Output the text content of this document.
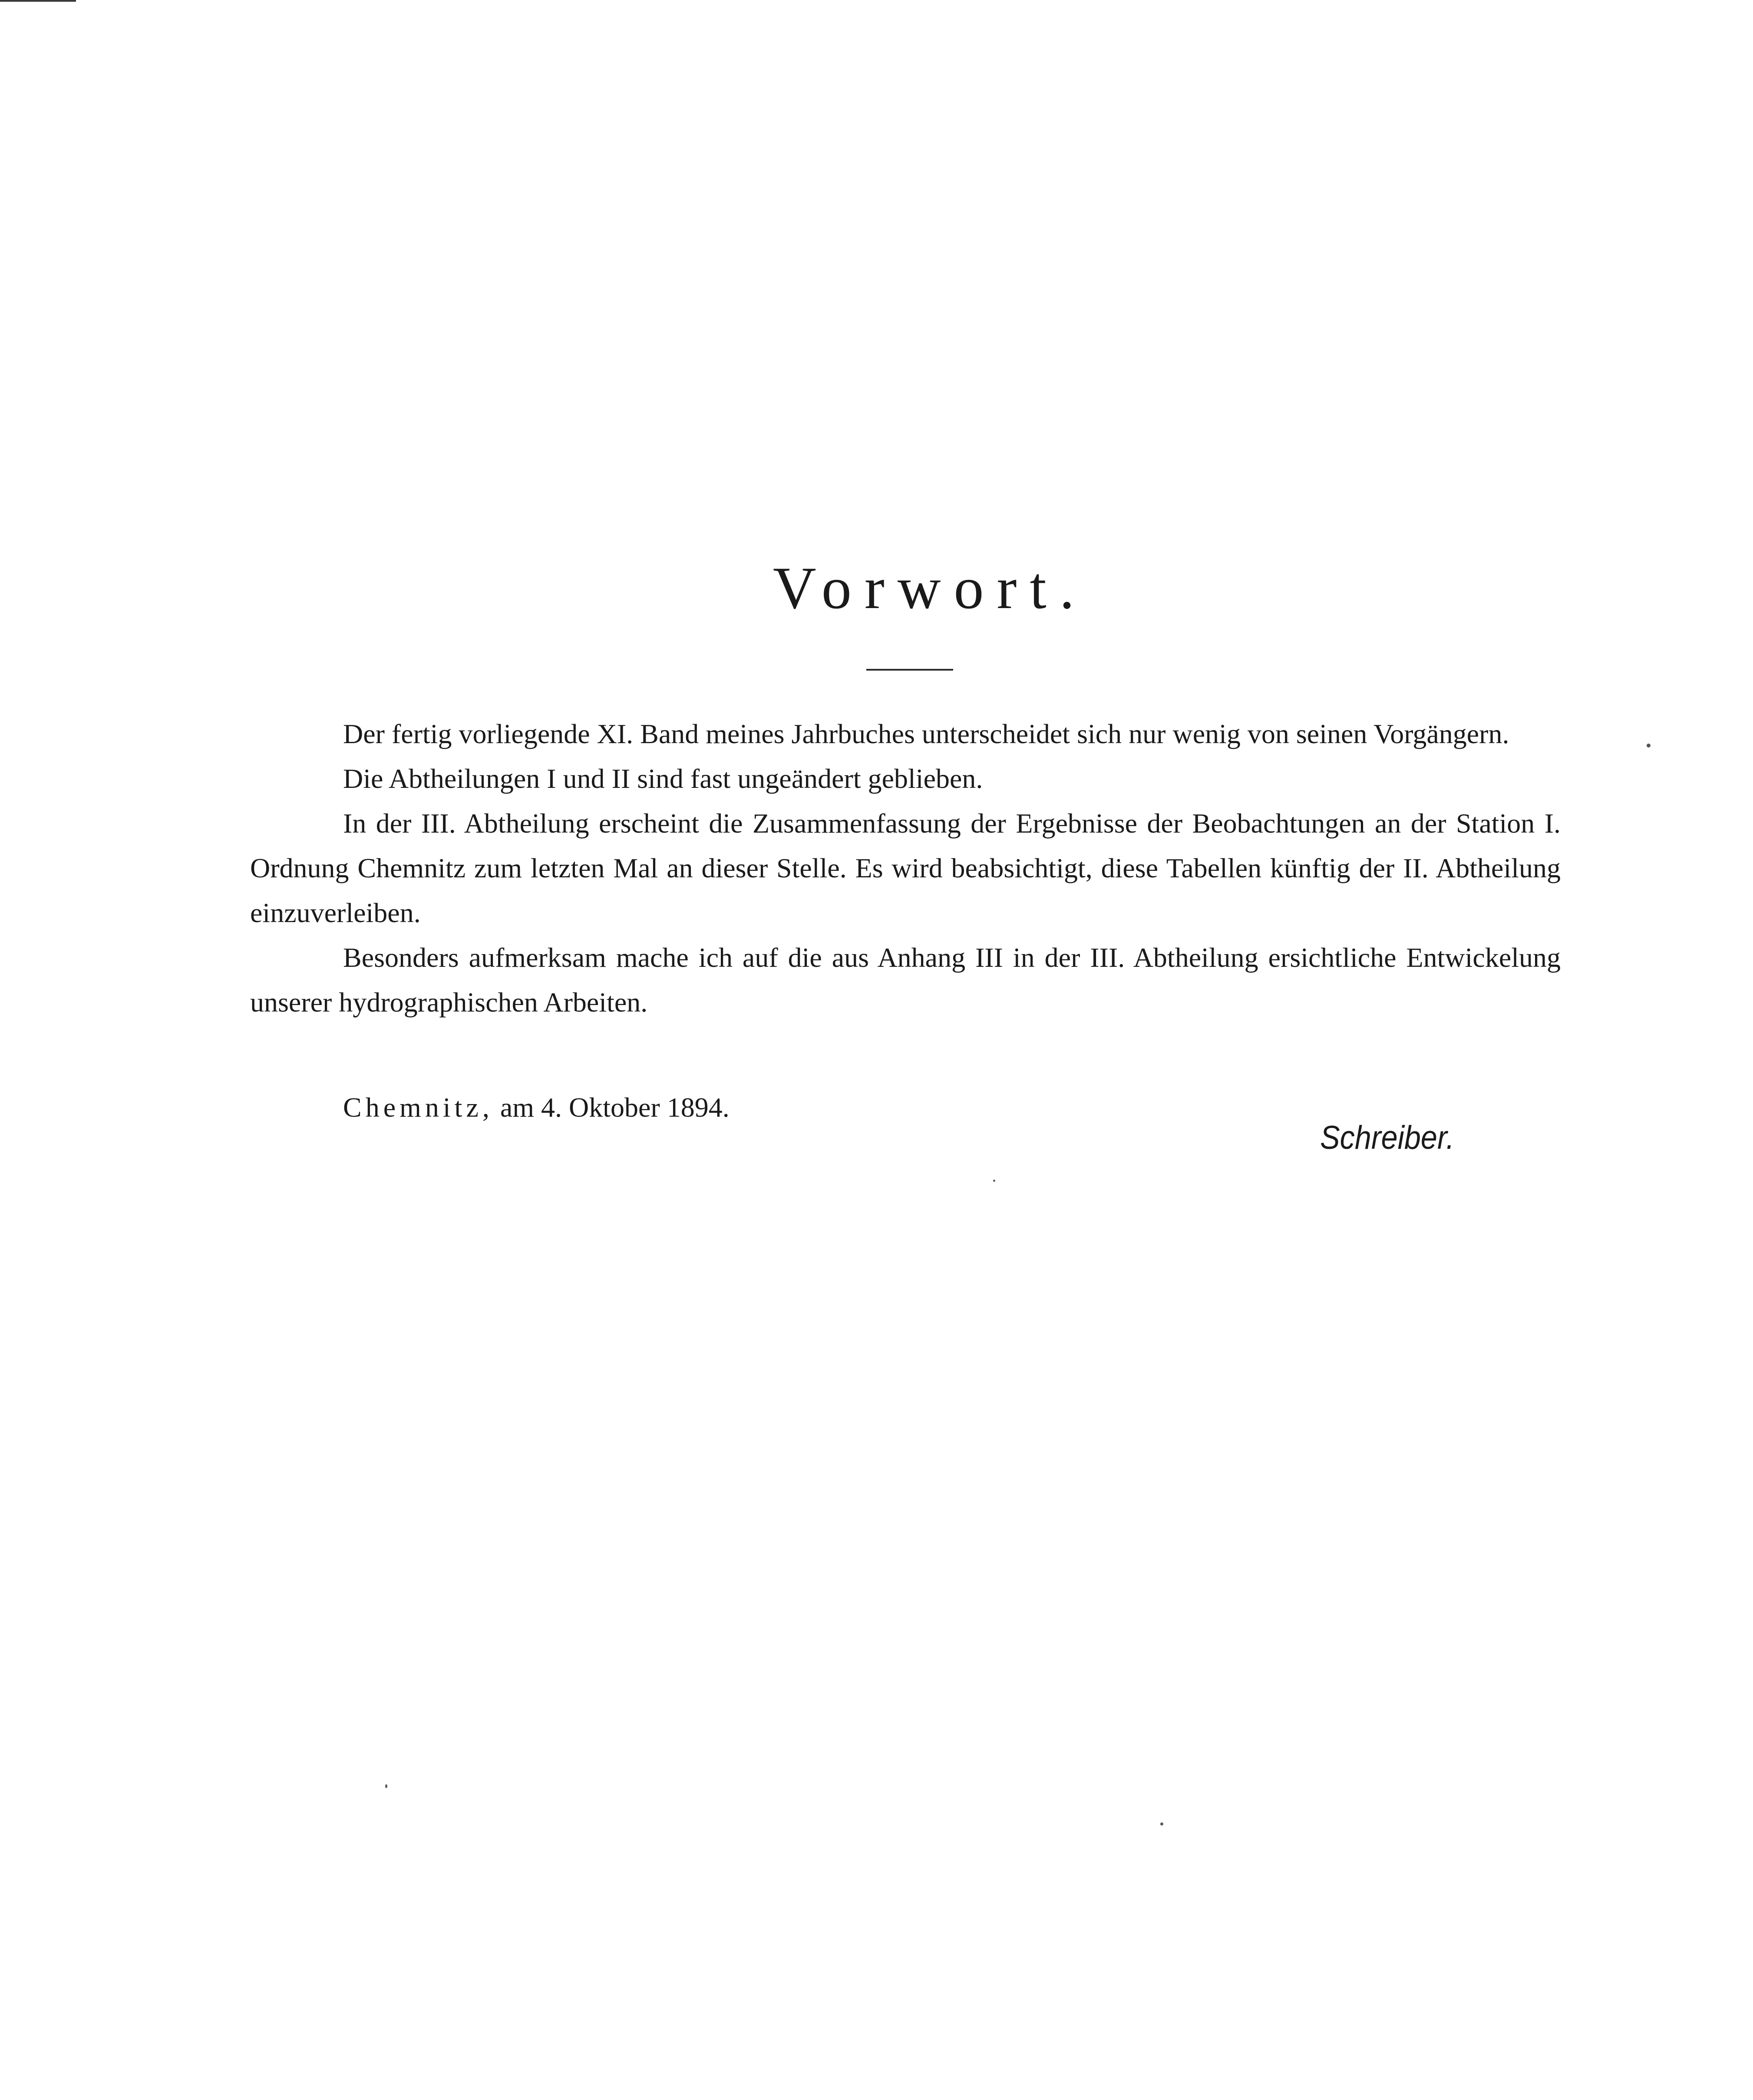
Vorwort.

Der fertig vorliegende XI. Band meines Jahrbuches unterscheidet sich nur wenig von seinen Vorgängern.

Die Abtheilungen I und II sind fast ungeändert geblieben.

In der III. Abtheilung erscheint die Zusammenfassung der Ergebnisse der Beobachtungen an der Station I. Ordnung Chemnitz zum letzten Mal an dieser Stelle. Es wird beabsichtigt, diese Tabellen künftig der II. Abtheilung einzuverleiben.

Besonders aufmerksam mache ich auf die aus Anhang III in der III. Abtheilung ersichtliche Entwickelung unserer hydrographischen Arbeiten.

Chemnitz, am 4. Oktober 1894.
Schreiber.
